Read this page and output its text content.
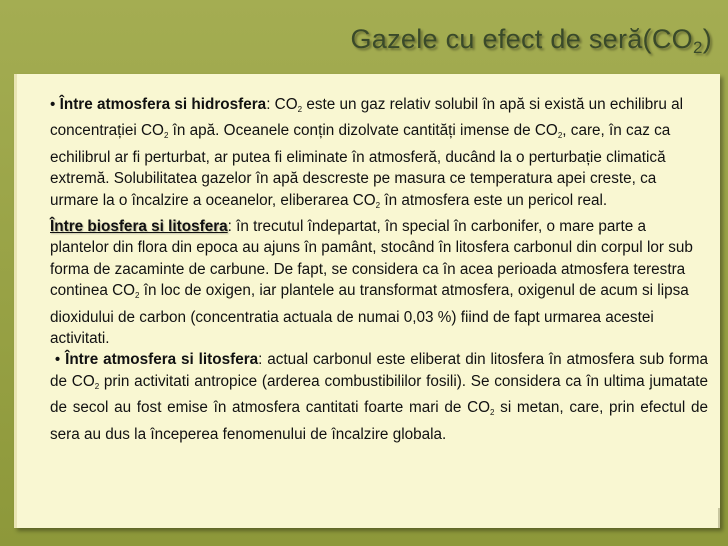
Gazele cu efect de $seră(CO_2)$

• Între atmosfera si hidrosfera: $CO_2$ este un gaz relativ solubil în apă si există un echilibru al concentrației $CO_2$ în apă. Oceanele conțin dizolvate cantități imense de $CO_2$, care, în caz ca echilibrul ar fi perturbat, ar putea fi eliminate în atmosferă, ducând la o perturbație climatică extremă. Solubilitatea gazelor în apă descreste pe masura ce temperatura apei creste, ca urmare la o încalzire a oceanelor, eliberarea $CO_2$ în atmosfera este un pericol real.

Între biosfera si litosfera: în trecutul îndepartat, în special în carbonifer, o mare parte a plantelor din flora din epoca au ajuns în pamânt, stocând în litosfera carbonul din corpul lor sub forma de zacaminte de carbune. De fapt, se considera ca în acea perioada atmosfera terestra continea $CO_2$ în loc de oxigen, iar plantele au transformat atmosfera, oxigenul de acum si lipsa dioxidului de carbon (concentratia actuala de numai 0,03 %) fiind de fapt urmarea acestei activitati.

• Între atmosfera si litosfera: actual carbonul este eliberat din litosfera în atmosfera sub forma de $CO_2$ prin activitati antropice (arderea combustibililor fosili). Se considera ca în ultima jumatate de secol au fost emise în atmosfera cantitati foarte mari de $CO_2$ si metan, care, prin efectul de sera au dus la începerea fenomenului de încalzire globala.
